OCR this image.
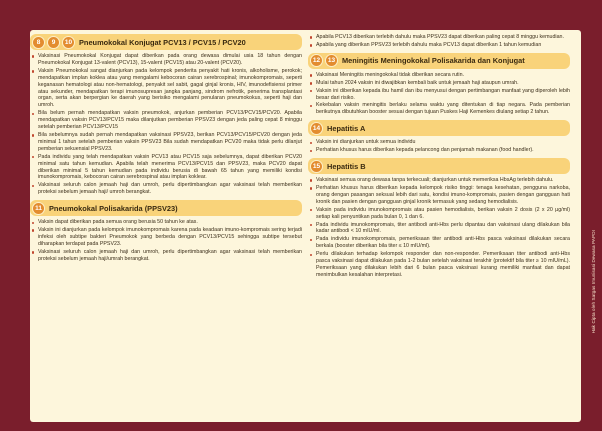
Hak Cipta oleh Satgas Imunisasi Dewasa PAPDI
8	9	10 Pneumokokal Konjugat PCV13 / PCV15 / PCV20
Vaksinasi Pneumokokal Konjugat dapat diberikan pada orang dewasa dimulai usia 18 tahun dengan Pneumokokal Konjugat 13-valent (PCV13), 15-valent (PCV15) atau 20-valent (PCV20).
Vaksin Pneumokokal sangat dianjurkan pada kelompok penderita penyakit hati kronis, alkoholisme, perokok; mendapatkan implan koklea atau yang mengalami kebocoran cairan serebrospinal; imunokompromais, seperti keganasan hematologi atau non-hematologi, penyakit sel sabit, gagal ginjal kronis, HIV, imunodefisiensi primer atau sekunder, mendapatkan terapi imunosupresan jangka panjang, sindrom nefrotik, penerima transplantasi organ, serta akan berpergian ke daerah yang berisiko mengalami penularan pneumokokus, seperti haji dan umroh.
Bila belum pernah mendapatkan vaksin pneumokok, anjurkan pemberian PCV13/PCV15/PCV20. Apabila mendapatkan vaksin PCV13/PCV15 maka dilanjutkan pemberian PPSV23 dengan jeda paling cepat 8 minggu setelah pemberian PCV13/PCV15
Bila sebelumnya sudah pernah mendapatkan vaksinasi PPSV23, berikan PCV13/PCV15/PCV20 dengan jeda minimal 1 tahun setelah pemberian vaksin PPSV23 Bila sudah mendapatkan PCV20 maka tidak perlu dilanjut pemberian sekuensial PPSV23.
Pada individu yang telah mendapatkan vaksin PCV13 atau PCV15 saja sebelumnya, dapat diberikan PCV20 minimal satu tahun kemudian. Apabila telah menerima PCV13/PCV15 dan PPSV23, maka PCV20 dapat diberikan minimal 5 tahun kemudian pada individu berusia di bawah 65 tahun yang memiliki kondisi imunokompromais, kebocoran cairan serebrospinal atau implan koklear.
Vaksinasi seluruh calon jemaah haji dan umroh, perlu dipertimbangkan agar vaksinasi telah memberikan proteksi sebelum jemaah haji/ umroh berangkat.
11 Pneumokokal Polisakarida (PPSV23)
Vaksin dapat diberikan pada semua orang berusia 50 tahun ke atas.
Vaksin ini dianjurkan pada kelompok imunokompromais karena pada keadaan imuno-kompromais sering terjadi infeksi oleh subtipe bakteri Pneumokok yang berbeda dengan PCV13/PCV15 sehingga subtipe tersebut diharapkan terdapat pada PPSV23.
Vaksinasi seluruh calon jemaah haji dan umroh, perlu dipertimbangkan agar vaksinasi telah memberikan proteksi sebelum jemaah haji/umrah berangkat.
Apabila PCV13 diberikan terlebih dahulu maka PPSV23 dapat diberikan paling cepat 8 minggu kemudian.
Apabila yang diberikan PPSV23 terlebih dahulu maka PCV13 dapat diberikan 1 tahun kemudian
12	13 Meningitis Meningokokal Polisakarida dan Konjugat
Vaksinasi Meningitis meningokokal tidak diberikan secara rutin.
Mulai tahun 2024 vaksin ini diwajibkan kembali baik untuk jemaah haji ataupun umrah.
Vaksin ini diberikan kepada ibu hamil dan ibu menyusui dengan pertimbangan manfaat yang diperoleh lebih besar dari risiko.
Kekebalan vaksin meningitis berlaku selama waktu yang ditentukan di tiap negara. Pada pemberian berikutnya dibutuhkan booster sesuai dengan tujuan Puskes Haji Kemenkes diulang setiap 2 tahun.
14 Hepatitis A
Vaksin ini dianjurkan untuk semua individu
Perhatian khusus harus diberikan kepada pelancong dan penjamah makanan (food handler).
15 Hepatitis B
Vaksinasi semua orang dewasa tanpa terkecuali; dianjurkan untuk memeriksa HbsAg terlebih dahulu.
Perhatian khusus harus diberikan kepada kelompok risiko tinggi: tenaga kesehatan, pengguna narkoba, orang dengan pasangan seksual lebih dari satu, kondisi imuno-kompromais, pasien dengan gangguan hati kronik dan pasien dengan gangguan ginjal kronik termasuk yang sedang hemodialisis.
Vaksin pada individu imunokompromais atau pasien hemodialisis, berikan vaksin 2 dosis (2 x 20 µg/ml) setiap kali penyuntikan pada bulan 0, 1 dan 6.
Pada individu imunokompromais, titer antibodi anti-Hbs perlu dipantau dan vaksinasi ulang dilakukan bila kadar antibodi < 10 mIU/ml.
Pada individu imunokompromais, pemeriksaan titer antibodi anti-Hbs pasca vaksinasi dilakukan secara berkala (booster diberikan bila titer ≤ 10 mIU/ml).
Perlu dilakukan terhadap kelompok responder dan non-responder. Pemeriksaan titer antibodi anti-Hbs pasca vaksinasi dapat dilakukan pada 1-2 bulan setelah vaksinasi terakhir (protektif bila titer ≥ 10 mIU/mL). Pemeriksaan yang dilakukan lebih dari 6 bulan pasca vaksinasi kurang memiliki manfaat dan dapat menimbulkan kesalahan interpretasi.
